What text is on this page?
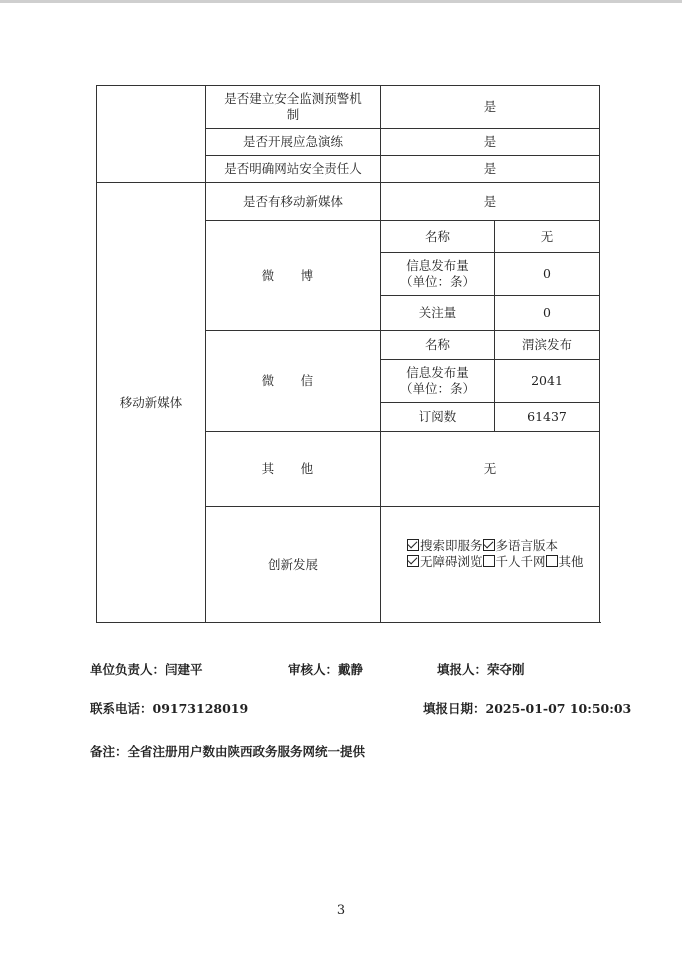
	是否建立安全监测预警机制	是	
	是否开展应急演练	是	
	是否明确网站安全责任人	是	
移动新媒体	是否有移动新媒体	是	
	微 博	名称	无
		信息发布量（单位：条）	0
		关注量	0
	微 信	名称	渭滨发布
		信息发布量（单位：条）	2041
		订阅数	61437
	其 他	无	
	创新发展	搜索即服务 多语言版本无障碍浏览 千人千网 其他	
单位负责人：闫建平	审核人：戴静	填报人：荣夺刚
联系电话：09173128019	填报日期：2025-01-07 10:50:03
备注：全省注册用户数由陕西政务服务网统一提供
3
